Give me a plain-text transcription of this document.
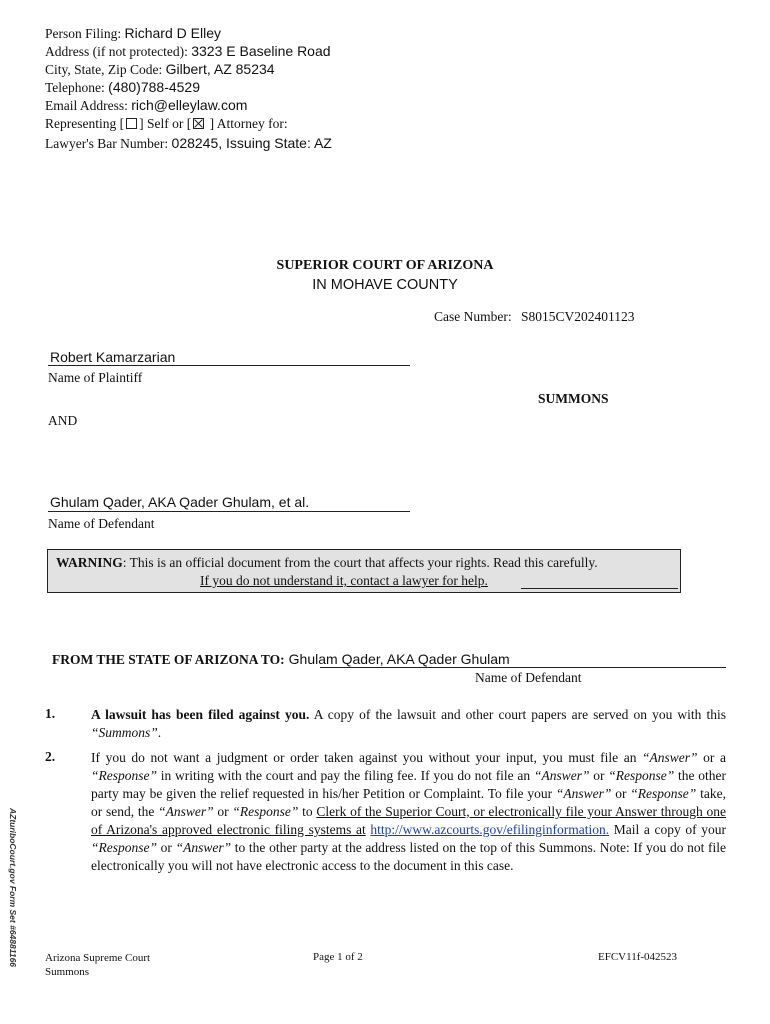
Person Filing: Richard D Elley
Address (if not protected): 3323 E Baseline Road
City, State, Zip Code: Gilbert, AZ 85234
Telephone: (480)788-4529
Email Address: rich@elleylaw.com
Representing [ ] Self or [ ] Attorney for:
Lawyer's Bar Number: 028245, Issuing State: AZ
SUPERIOR COURT OF ARIZONA
IN MOHAVE COUNTY
Case Number: S8015CV202401123
Robert Kamarzarian
Name of Plaintiff
SUMMONS
AND
Ghulam Qader, AKA Qader Ghulam, et al.
Name of Defendant
WARNING: This is an official document from the court that affects your rights. Read this carefully.
If you do not understand it, contact a lawyer for help.
FROM THE STATE OF ARIZONA TO: Ghulam Qader, AKA Qader Ghulam
Name of Defendant
1.	A lawsuit has been filed against you. A copy of the lawsuit and other court papers are served on you with this “Summons”.
2.	If you do not want a judgment or order taken against you without your input, you must file an “Answer” or a “Response” in writing with the court and pay the filing fee. If you do not file an “Answer” or “Response” the other party may be given the relief requested in his/her Petition or Complaint. To file your “Answer” or “Response” take, or send, the “Answer” or “Response” to Clerk of the Superior Court, or electronically file your Answer through one of Arizona's approved electronic filing systems at http://www.azcourts.gov/efilinginformation. Mail a copy of your “Response” or “Answer” to the other party at the address listed on the top of this Summons. Note: If you do not file electronically you will not have electronic access to the document in this case.
AZturiboCourt.gov Form Set #64881166 Arizona Supreme Court
Summons
Page 1 of 2	EFCV11f-042523
